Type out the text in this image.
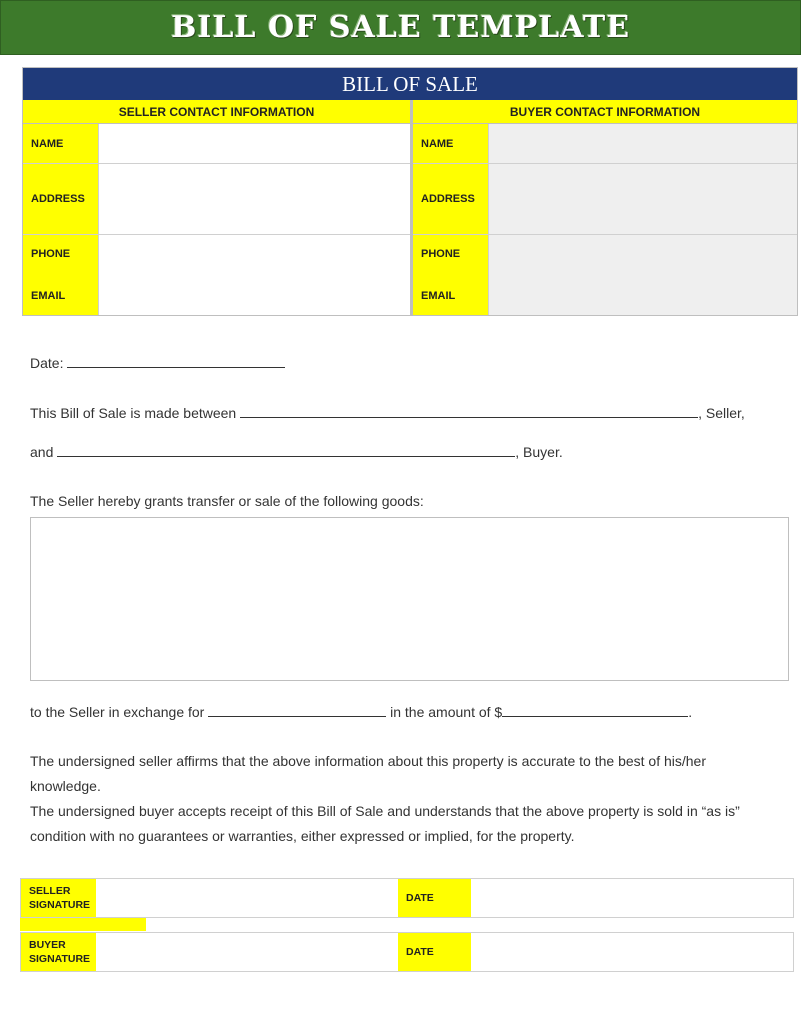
BILL OF SALE TEMPLATE
BILL OF SALE
SELLER CONTACT INFORMATION
NAME
ADDRESS
PHONE
EMAIL
BUYER CONTACT INFORMATION
NAME
ADDRESS
PHONE
EMAIL
Date:
This Bill of Sale is made between	, Seller,
and	, Buyer.
The Seller hereby grants transfer or sale of the following goods:
to the Seller in exchange for	in the amount of $	.
The undersigned seller affirms that the above information about this property is accurate to the best of his/her knowledge.
The undersigned buyer accepts receipt of this Bill of Sale and understands that the above property is sold in “as is” condition with no guarantees or warranties, either expressed or implied, for the property.
SELLER
SIGNATURE
DATE
BUYER
SIGNATURE
DATE
